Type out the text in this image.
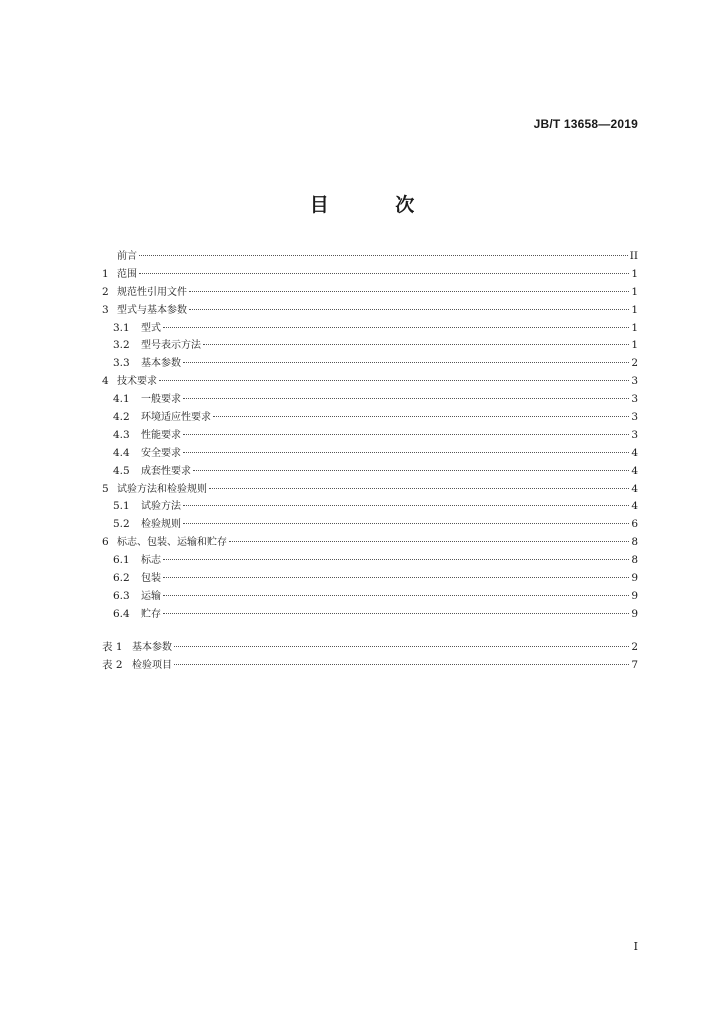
JB/T 13658—2019
目 次
前言	II
1 范围	1
2 规范性引用文件	1
3 型式与基本参数	1
3.1	型式	1
3.2	型号表示方法	1
3.3	基本参数	2
4 技术要求	3
4.1	一般要求	3
4.2	环境适应性要求	3
4.3	性能要求	3
4.4	安全要求	4
4.5	成套性要求	4
5 试验方法和检验规则	4
5.1	试验方法	4
5.2	检验规则	6
6 标志、包装、运输和贮存	8
6.1	标志	8
6.2	包装	9
6.3	运输	9
6.4	贮存	9
表 1 基本参数	2
表 2 检验项目	7
I
